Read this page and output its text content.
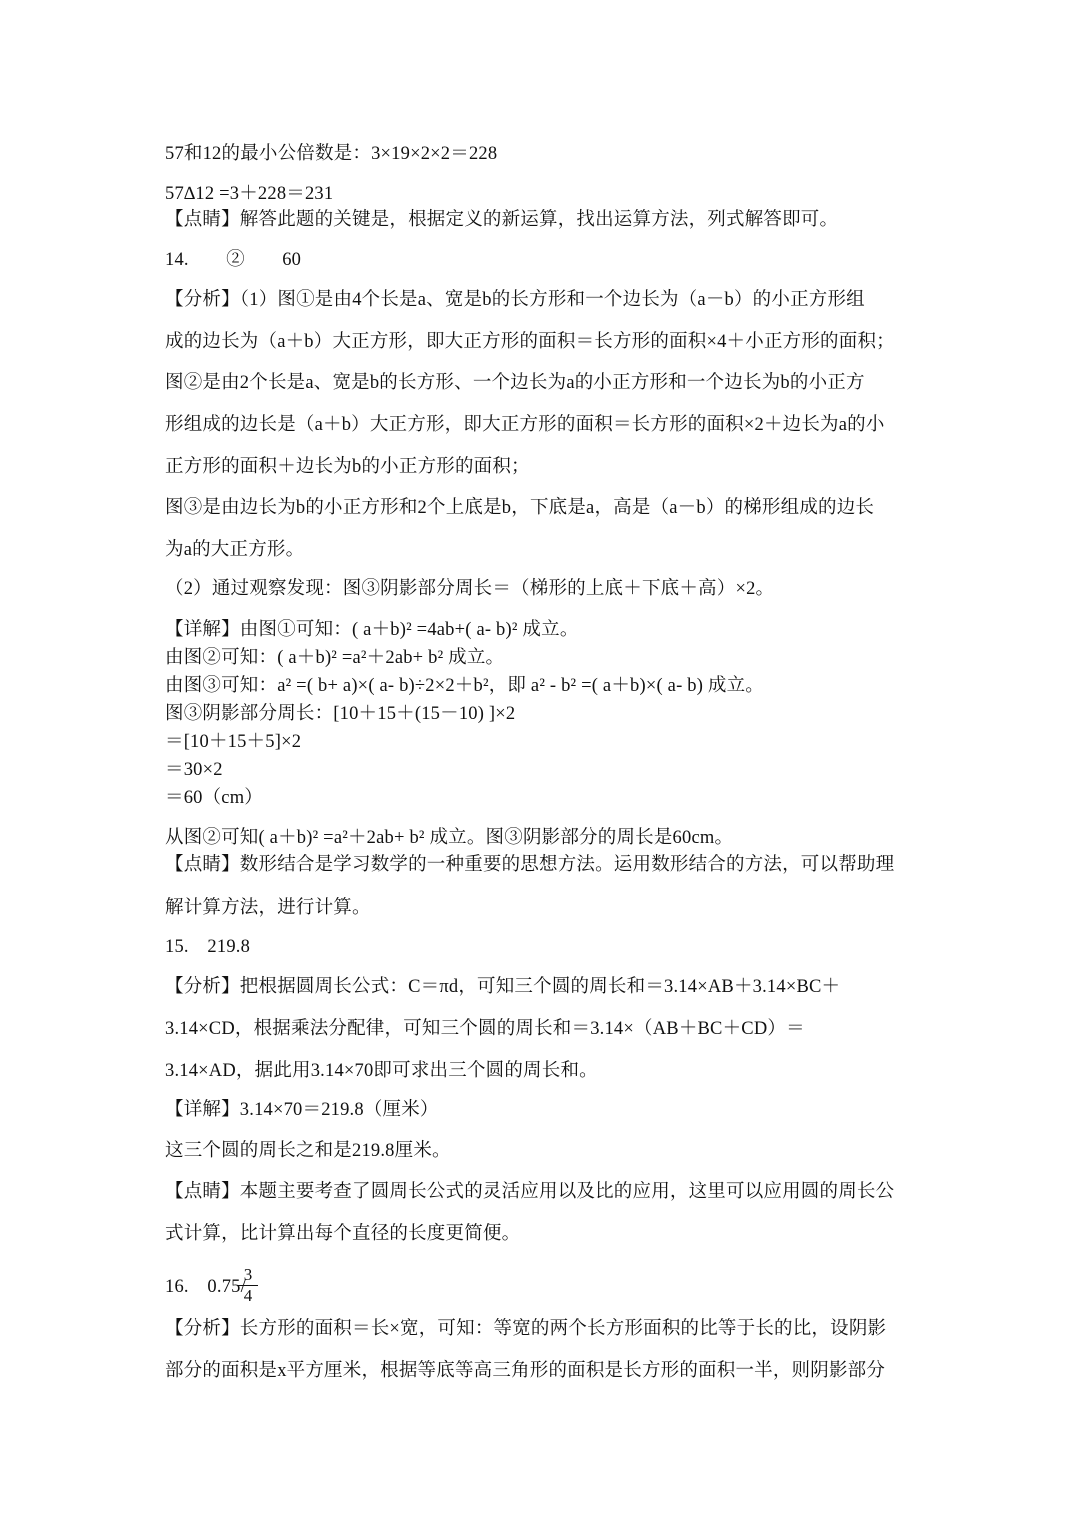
57和12的最小公倍数是：3×19×2×2＝228
57∆12 =3＋228＝231
【点睛】解答此题的关键是，根据定义的新运算，找出运算方法，列式解答即可。
14.　　②　　60
【分析】（1）图①是由4个长是a、宽是b的长方形和一个边长为（a－b）的小正方形组
成的边长为（a＋b）大正方形，即大正方形的面积＝长方形的面积×4＋小正方形的面积；
图②是由2个长是a、宽是b的长方形、一个边长为a的小正方形和一个边长为b的小正方
形组成的边长是（a＋b）大正方形，即大正方形的面积＝长方形的面积×2＋边长为a的小
正方形的面积＋边长为b的小正方形的面积；
图③是由边长为b的小正方形和2个上底是b，下底是a，高是（a－b）的梯形组成的边长
为a的大正方形。
（2）通过观察发现：图③阴影部分周长＝（梯形的上底＋下底＋高）×2。
【详解】由图①可知：( a＋b)² =4ab+( a- b)² 成立。
由图②可知：( a＋b)² =a²＋2ab+ b² 成立。
由图③可知：a² =( b+ a)×( a- b)÷2×2＋b²，即 a² - b² =( a＋b)×( a- b) 成立。
图③阴影部分周长：[10＋15＋(15－10) ]×2
＝[10＋15＋5]×2
＝30×2
＝60（cm）
从图②可知( a＋b)² =a²＋2ab+ b² 成立。图③阴影部分的周长是60cm。
【点睛】数形结合是学习数学的一种重要的思想方法。运用数形结合的方法，可以帮助理
解计算方法，进行计算。
15.　219.8
【分析】把根据圆周长公式：C＝πd，可知三个圆的周长和＝3.14×AB＋3.14×BC＋
3.14×CD，根据乘法分配律，可知三个圆的周长和＝3.14×（AB＋BC＋CD）＝
3.14×AD，据此用3.14×70即可求出三个圆的周长和。
【详解】3.14×70＝219.8（厘米）
这三个圆的周长之和是219.8厘米。
【点睛】本题主要考查了圆周长公式的灵活应用以及比的应用，这里可以应用圆的周长公
式计算，比计算出每个直径的长度更简便。
16.　0.75/
3
4
【分析】长方形的面积＝长×宽，可知：等宽的两个长方形面积的比等于长的比，设阴影
部分的面积是x平方厘米，根据等底等高三角形的面积是长方形的面积一半，则阴影部分
